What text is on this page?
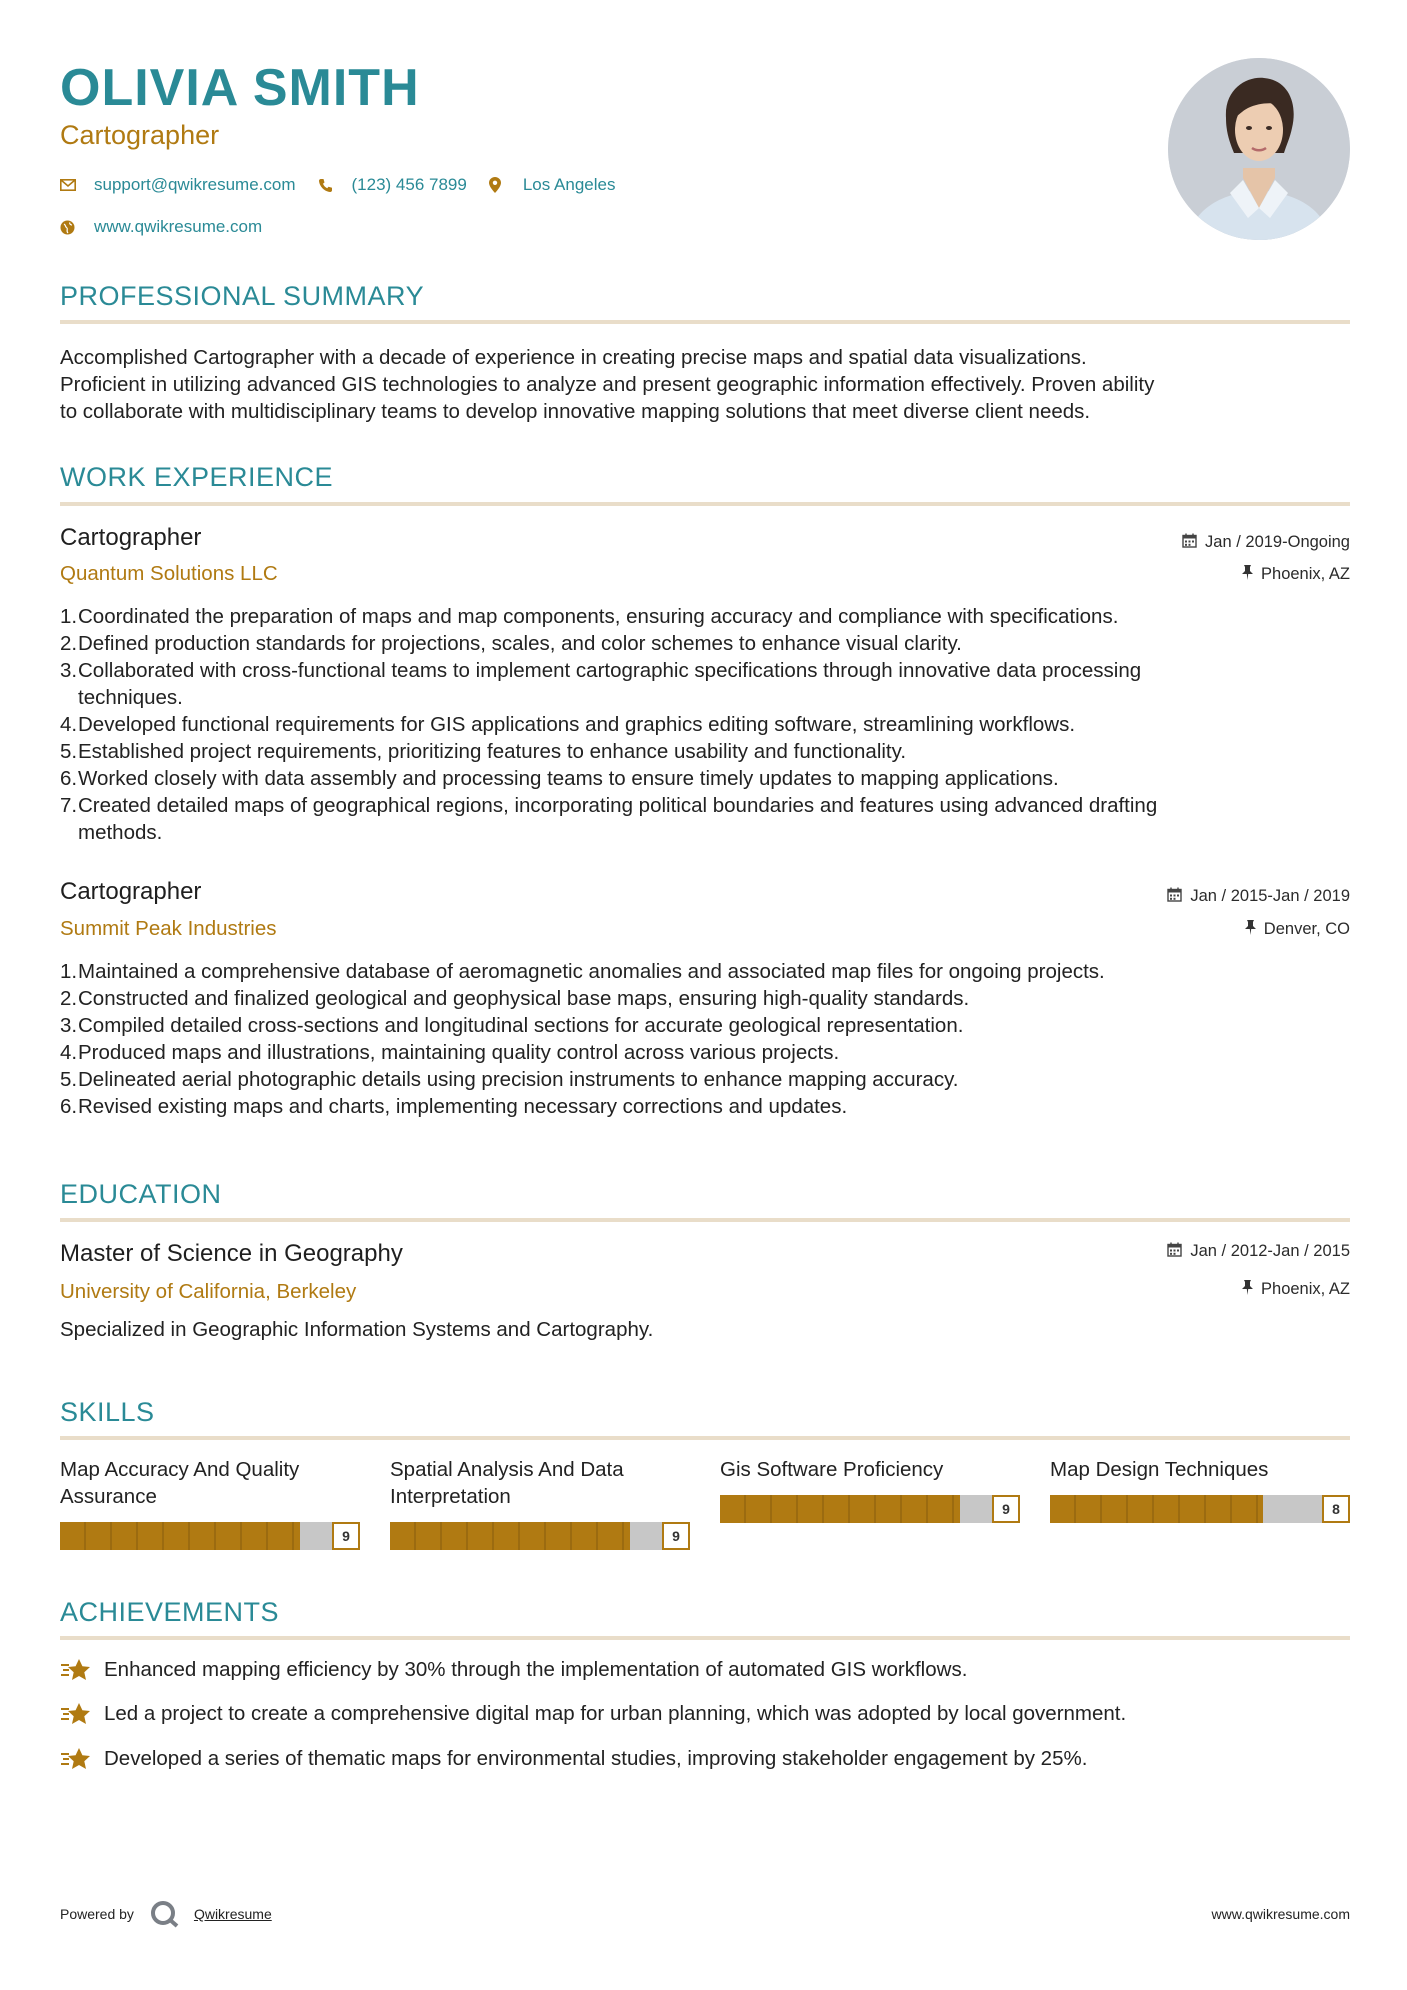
OLIVIA SMITH
Cartographer
support@qwikresume.com	(123) 456 7899	Los Angeles
www.qwikresume.com
PROFESSIONAL SUMMARY
Accomplished Cartographer with a decade of experience in creating precise maps and spatial data visualizations.
Proficient in utilizing advanced GIS technologies to analyze and present geographic information effectively. Proven ability
to collaborate with multidisciplinary teams to develop innovative mapping solutions that meet diverse client needs.
WORK EXPERIENCE
Cartographer
Quantum Solutions LLC
Jan / 2019-Ongoing
Phoenix, AZ
1. Coordinated the preparation of maps and map components, ensuring accuracy and compliance with specifications.
2. Defined production standards for projections, scales, and color schemes to enhance visual clarity.
3. Collaborated with cross-functional teams to implement cartographic specifications through innovative data processing
techniques.
4. Developed functional requirements for GIS applications and graphics editing software, streamlining workflows.
5. Established project requirements, prioritizing features to enhance usability and functionality.
6. Worked closely with data assembly and processing teams to ensure timely updates to mapping applications.
7. Created detailed maps of geographical regions, incorporating political boundaries and features using advanced drafting
methods.
Cartographer
Summit Peak Industries
Jan / 2015-Jan / 2019
Denver, CO
1. Maintained a comprehensive database of aeromagnetic anomalies and associated map files for ongoing projects.
2. Constructed and finalized geological and geophysical base maps, ensuring high-quality standards.
3. Compiled detailed cross-sections and longitudinal sections for accurate geological representation.
4. Produced maps and illustrations, maintaining quality control across various projects.
5. Delineated aerial photographic details using precision instruments to enhance mapping accuracy.
6. Revised existing maps and charts, implementing necessary corrections and updates.
EDUCATION
Master of Science in Geography
University of California, Berkeley
Jan / 2012-Jan / 2015
Phoenix, AZ
Specialized in Geographic Information Systems and Cartography.
SKILLS
Map Accuracy And Quality
Assurance
9
Spatial Analysis And Data
Interpretation
9
Gis Software Proficiency
9
Map Design Techniques
8
ACHIEVEMENTS
Enhanced mapping efficiency by 30% through the implementation of automated GIS workflows.
Led a project to create a comprehensive digital map for urban planning, which was adopted by local government.
Developed a series of thematic maps for environmental studies, improving stakeholder engagement by 25%.
Powered by	Qwikresume	www.qwikresume.com
